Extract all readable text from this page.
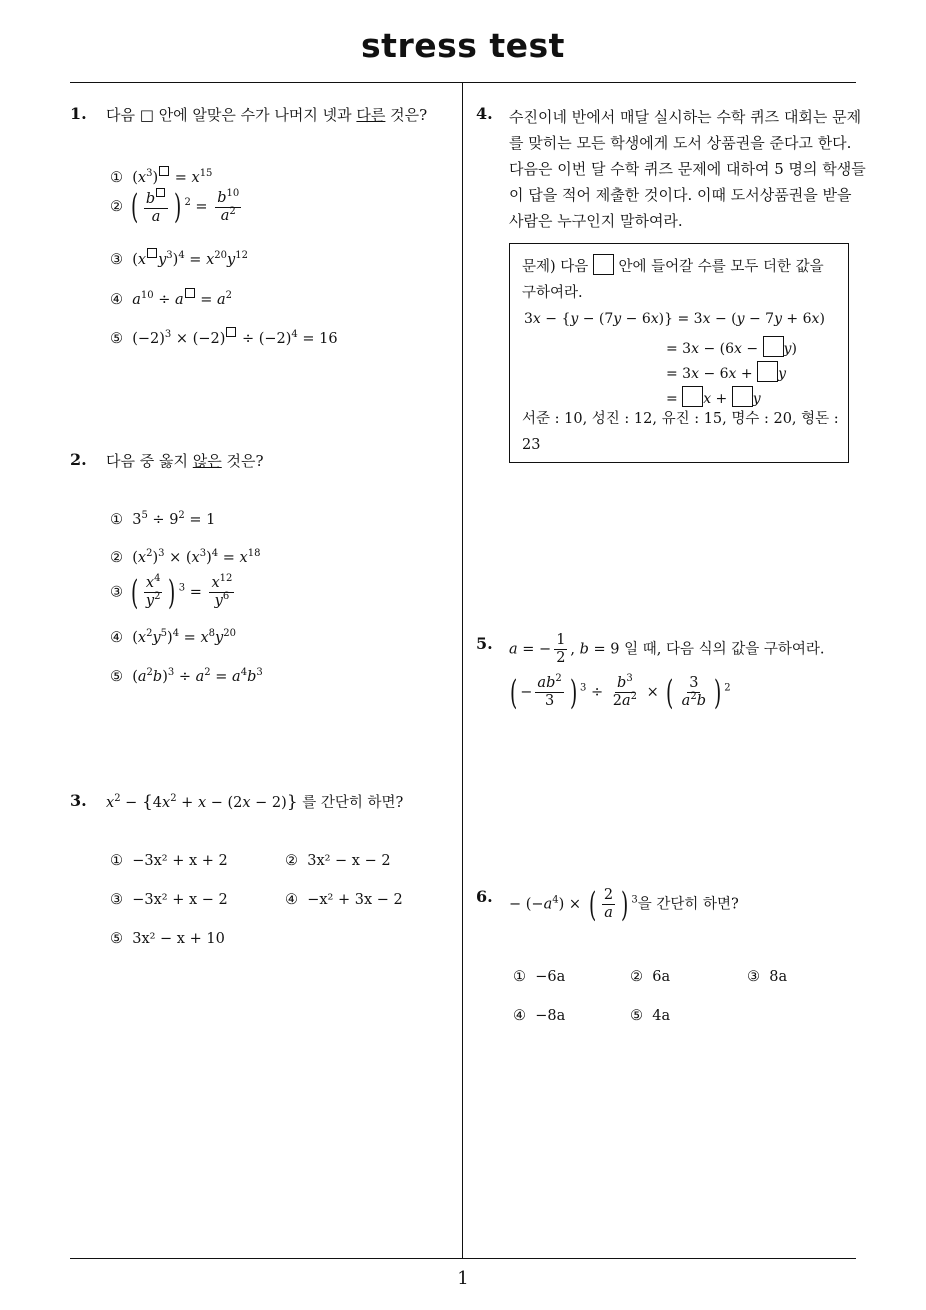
stress test
1
1. 다음 □ 안에 알맞은 수가 나머지 넷과 다른 것은?
①  $(x^3) = x^{15}$
② ( $\frac{b}{a}$ ) $^2 = \frac{b^{10}}{a^2}$
③  (x $y^3)^4 = x^{20}y^{12}$
④ $a^{10} \div a = a^2$
⑤  $(-2)^3 \times (-2) \div (-2)^4 = 16$
2. 다음 중 옳지 않은 것은?
①  $3^5 \div 9^2 = 1$
②  $(x^2)^3 \times (x^3)^4 = x^{18}$
③ ( $\frac{x^4}{y^2}$ ) $^3 = \frac{x^{12}}{y^6}$
④  $(x^2y^5)^4 = x^8y^{20}$
⑤  $(a^2b)^3 \div a^2 = a^4b^3$
3. $x^2 - \{4x^2 + x - (2x - 2)\}$ 를 간단히 하면?
① −3x² + x + 2	② 3x² − x − 2
③ −3x² + x − 2	④ −x² + 3x − 2
⑤ 3x² − x + 10
4. 수진이네 반에서 매달 실시하는 수학 퀴즈 대회는 문제
를 맞히는 모든 학생에게 도서 상품권을 준다고 한다.
다음은 이번 달 수학 퀴즈 문제에 대하여 5 명의 학생들
이 답을 적어 제출한 것이다. 이때 도서상품권을 받을
사람은 누구인지 말하여라.
문제) 다음  안에 들어갈 수를 모두 더한 값을
구하여라.
3x − {y − (7y − 6x)} = 3x − (y − 7y + 6x)
= 3x − (6x − y)
= 3x − 6x + y
= x + y
서준 : 10, 성진 : 12, 유진 : 15, 명수 : 20, 형돈 :
23
5. a = − $\frac{1}{2}$ , b = 9 일 때, 다음 식의 값을 구하여라.
( − $\frac{ab^2}{3}$ ) $^3 \div \frac{b^3}{2a^2}$ × ( $\frac{3}{a^2b}$ ) $^2$
6. − $(-a^4)$ × ( $\frac{2}{a}$ ) $^3$을 간단히 하면?
① −6a	② 6a	③ 8a
④ −8a	⑤ 4a
